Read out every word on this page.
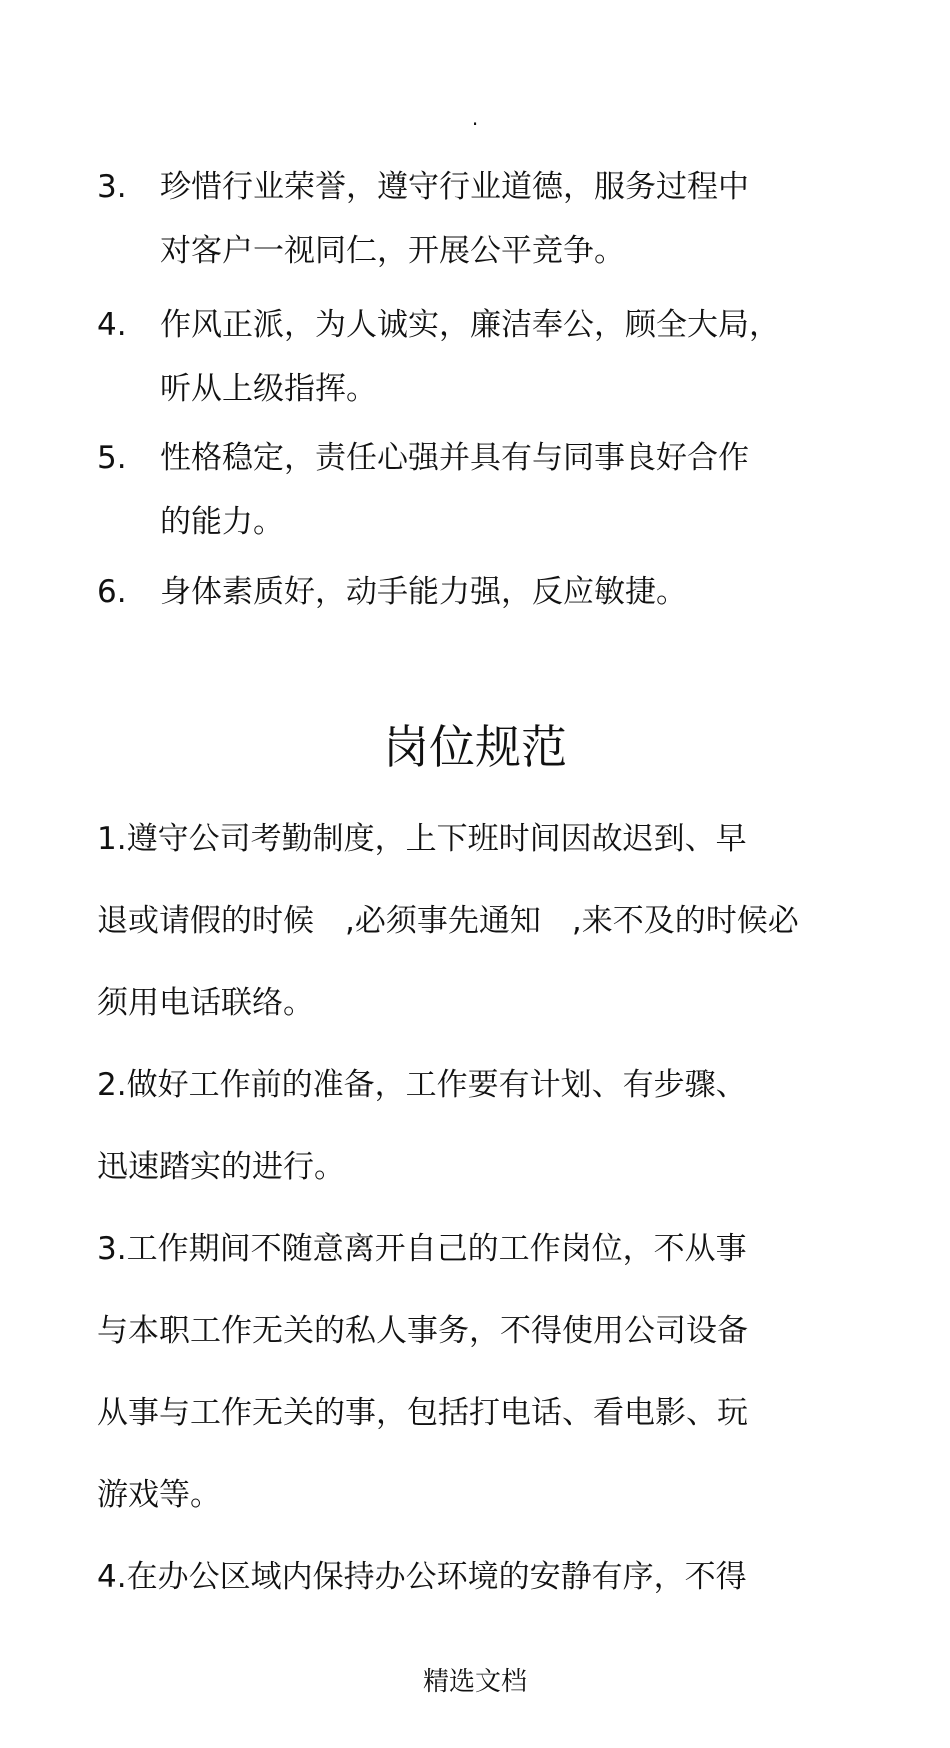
.
3.	珍惜行业荣誉，遵守行业道德，服务过程中
对客户一视同仁，开展公平竞争。
4.	作风正派，为人诚实，廉洁奉公，顾全大局，
听从上级指挥。
5.	性格稳定，责任心强并具有与同事良好合作
的能力。
6.	身体素质好，动手能力强，反应敏捷。
岗位规范
1.遵守公司考勤制度，上下班时间因故迟到、早
退或请假的时候　,必须事先通知　,来不及的时候必
须用电话联络。
2.做好工作前的准备，工作要有计划、有步骤、
迅速踏实的进行。
3.工作期间不随意离开自己的工作岗位，不从事
与本职工作无关的私人事务，不得使用公司设备
从事与工作无关的事，包括打电话、看电影、玩
游戏等。
4.在办公区域内保持办公环境的安静有序，不得
精选文档
